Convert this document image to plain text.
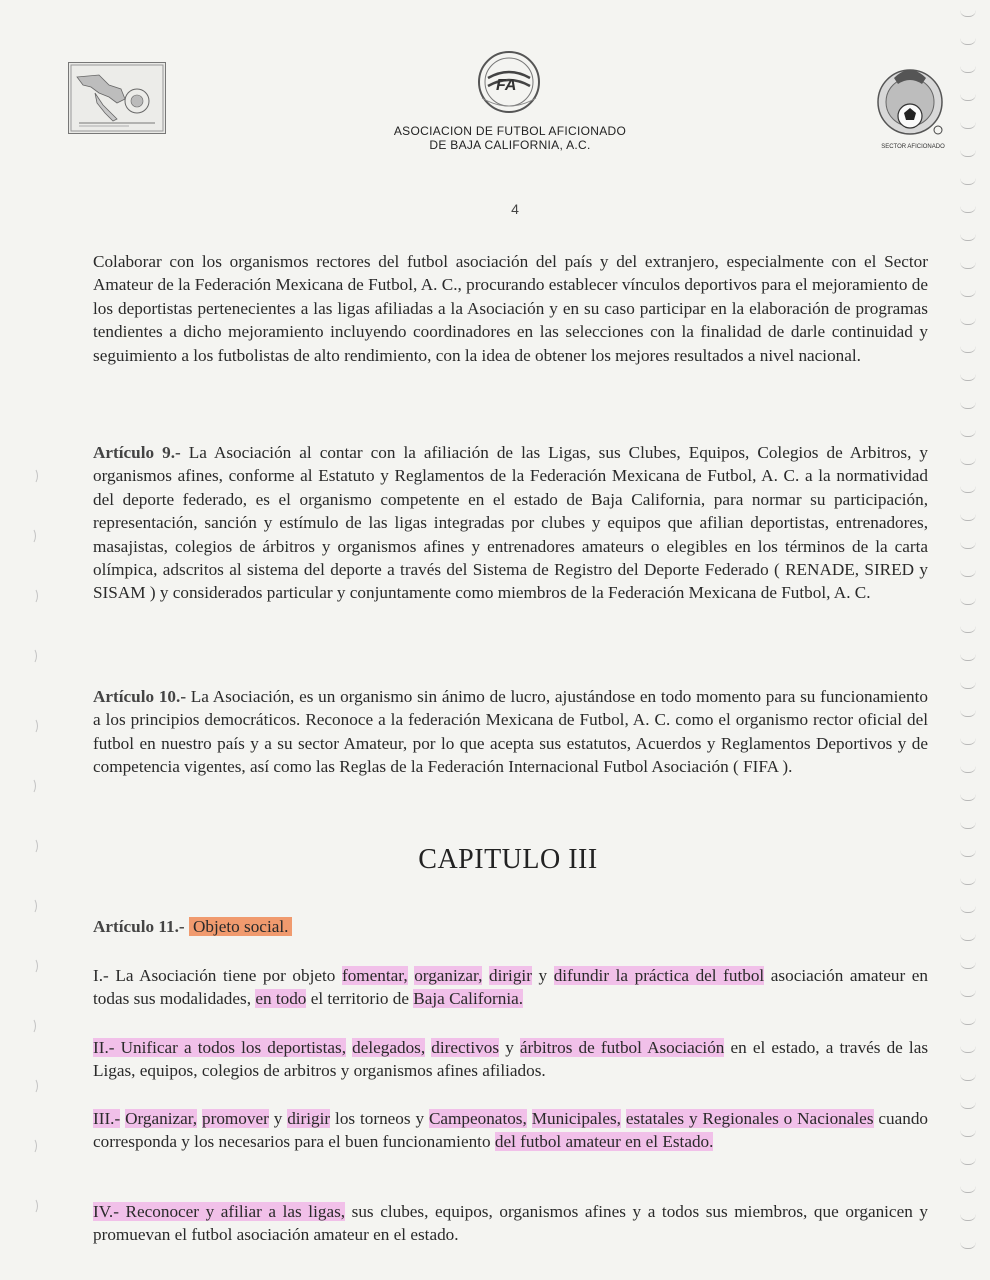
FA
SECTOR AFICIONADO
ASOCIACION DE FUTBOL AFICIONADO
DE BAJA CALIFORNIA, A.C.
4

Colaborar con los organismos rectores del futbol asociación del país y del extranjero, especialmente con el Sector Amateur de la Federación Mexicana de Futbol, A. C., procurando establecer vínculos deportivos para el mejoramiento de los deportistas pertenecientes a las ligas afiliadas a la Asociación y en su caso participar en la elaboración de programas tendientes a dicho mejoramiento incluyendo coordinadores en las selecciones con la finalidad de darle continuidad y seguimiento a los futbolistas de alto rendimiento, con la idea de obtener los mejores resultados a nivel nacional.

Artículo 9.- La Asociación al contar con la afiliación de las Ligas, sus Clubes, Equipos, Colegios de Arbitros, y organismos afines, conforme al Estatuto y Reglamentos de la Federación Mexicana de Futbol, A. C. a la normatividad del deporte federado, es el organismo competente en el estado de Baja California, para normar su participación, representación, sanción y estímulo de las ligas integradas por clubes y equipos que afilian deportistas, entrenadores, masajistas, colegios de árbitros y organismos afines y entrenadores amateurs o elegibles en los términos de la carta olímpica, adscritos al sistema del deporte a través del Sistema de Registro del Deporte Federado ( RENADE, SIRED y SISAM ) y considerados particular y conjuntamente como miembros de la Federación Mexicana de Futbol, A. C.

Artículo 10.- La Asociación, es un organismo sin ánimo de lucro, ajustándose en todo momento para su funcionamiento a los principios democráticos. Reconoce a la federación Mexicana de Futbol, A. C. como el organismo rector oficial del futbol en nuestro país y a su sector Amateur, por lo que acepta sus estatutos, Acuerdos y Reglamentos Deportivos y de competencia vigentes, así como las Reglas de la Federación Internacional Futbol Asociación ( FIFA ).

CAPITULO III

Artículo 11.- Objeto social.

I.- La Asociación tiene por objeto fomentar, organizar, dirigir y difundir la práctica del futbol asociación amateur en todas sus modalidades, en todo el territorio de Baja California.

II.- Unificar a todos los deportistas, delegados, directivos y árbitros de futbol Asociación en el estado, a través de las Ligas, equipos, colegios de arbitros y organismos afines afiliados.

III.- Organizar, promover y dirigir los torneos y Campeonatos, Municipales, estatales y Regionales o Nacionales cuando corresponda y los necesarios para el buen funcionamiento del futbol amateur en el Estado.

IV.- Reconocer y afiliar a las ligas, sus clubes, equipos, organismos afines y a todos sus miembros, que organicen y promuevan el futbol asociación amateur en el estado.
